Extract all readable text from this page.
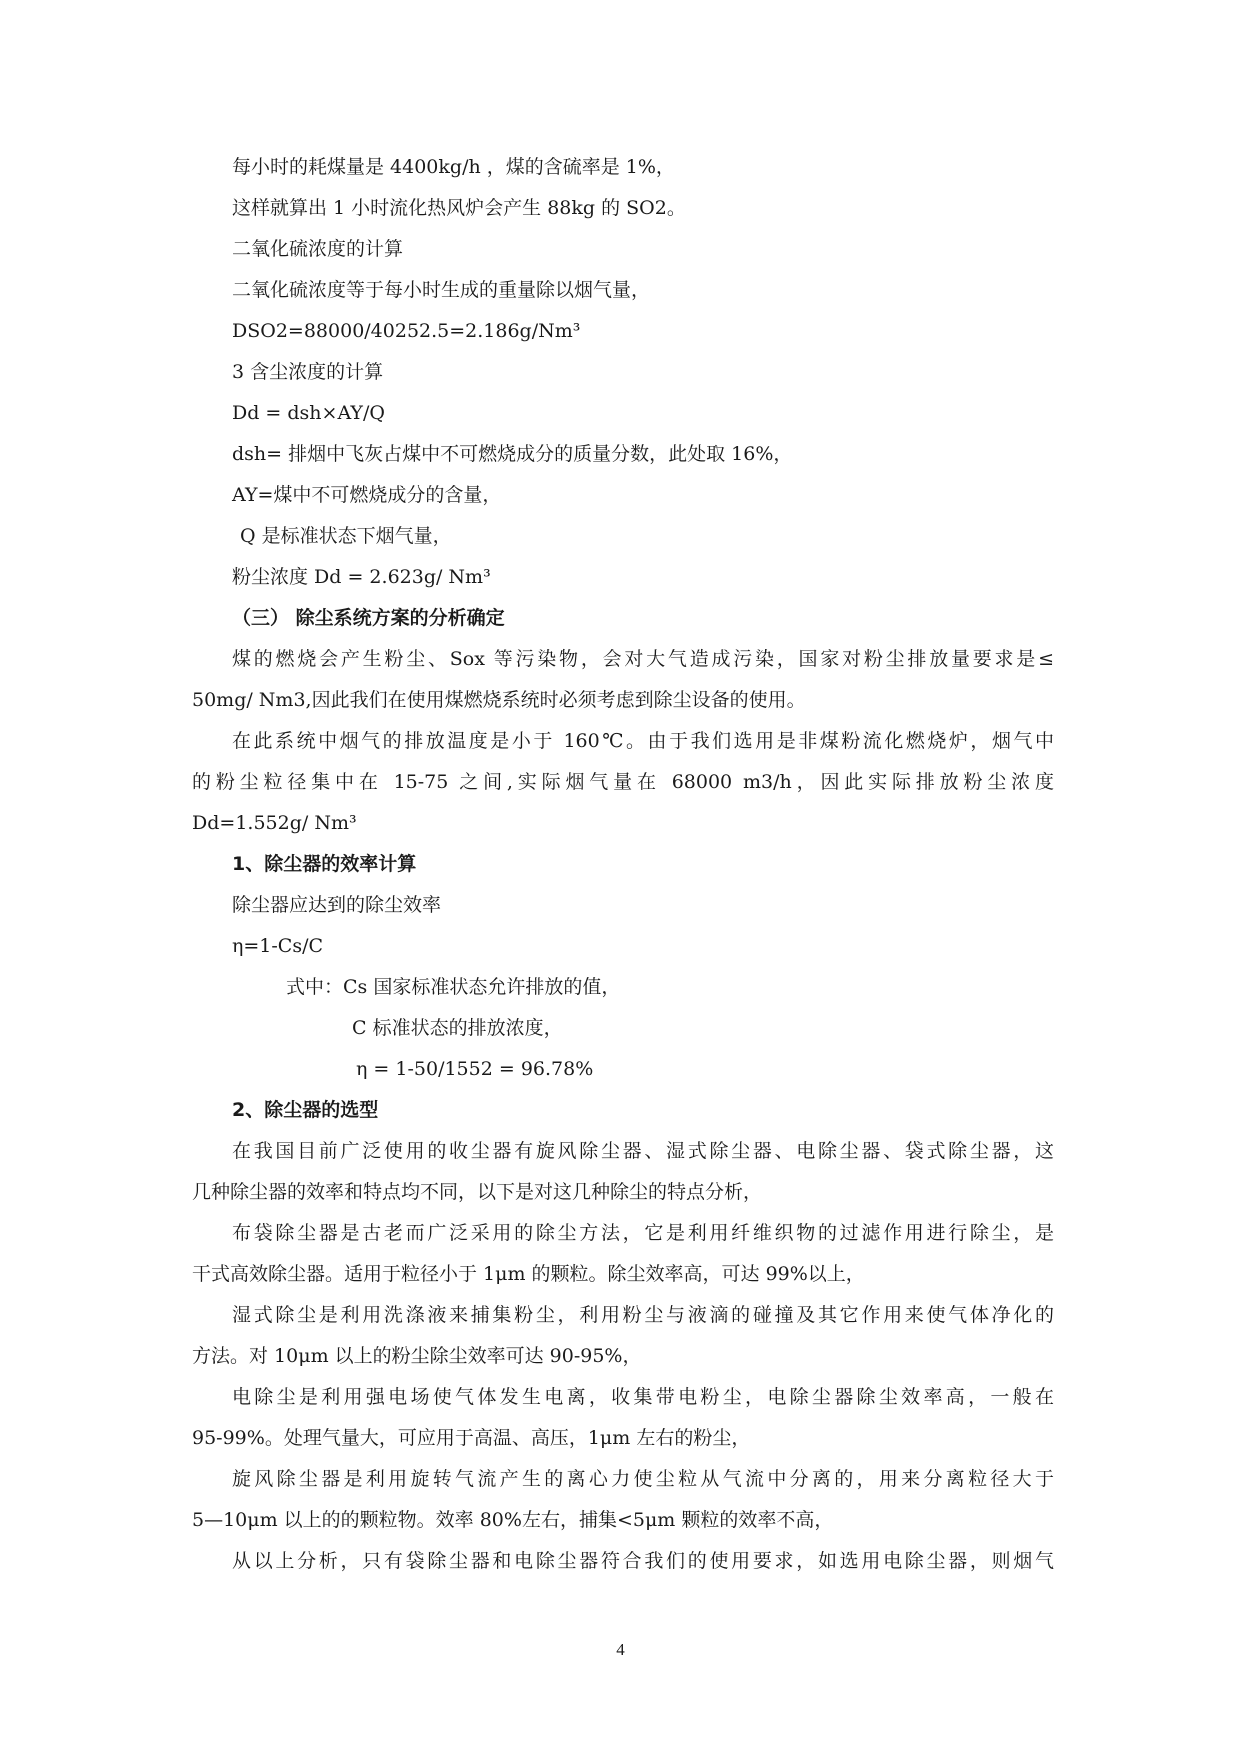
每小时的耗煤量是 4400kg/h ，煤的含硫率是 1%，
这样就算出 1 小时流化热风炉会产生 88kg 的 SO2。
二氧化硫浓度的计算
二氧化硫浓度等于每小时生成的重量除以烟气量，
DSO2=88000/40252.5=2.186g/Nm³
3 含尘浓度的计算
Dd = dsh×AY/Q
dsh= 排烟中飞灰占煤中不可燃烧成分的质量分数，此处取 16%，
AY=煤中不可燃烧成分的含量，
Q 是标准状态下烟气量，
粉尘浓度 Dd = 2.623g/ Nm³
（三） 除尘系统方案的分析确定
煤的燃烧会产生粉尘、Sox 等污染物，会对大气造成污染，国家对粉尘排放量要求是≤
50mg/ Nm3,因此我们在使用煤燃烧系统时必须考虑到除尘设备的使用。
在此系统中烟气的排放温度是小于 160℃。由于我们选用是非煤粉流化燃烧炉，烟气中
的粉尘粒径集中在 15-75 之间,实际烟气量在 68000 m3/h，因此实际排放粉尘浓度
Dd=1.552g/ Nm³
1、除尘器的效率计算
除尘器应达到的除尘效率
η=1-Cs/C
式中：Cs 国家标准状态允许排放的值，
C 标准状态的排放浓度，
η = 1-50/1552 = 96.78%
2、除尘器的选型
在我国目前广泛使用的收尘器有旋风除尘器、湿式除尘器、电除尘器、袋式除尘器，这
几种除尘器的效率和特点均不同，以下是对这几种除尘的特点分析，
布袋除尘器是古老而广泛采用的除尘方法，它是利用纤维织物的过滤作用进行除尘，是
干式高效除尘器。适用于粒径小于 1μm 的颗粒。除尘效率高，可达 99%以上，
湿式除尘是利用洗涤液来捕集粉尘，利用粉尘与液滴的碰撞及其它作用来使气体净化的
方法。对 10μm 以上的粉尘除尘效率可达 90-95%，
电除尘是利用强电场使气体发生电离，收集带电粉尘，电除尘器除尘效率高，一般在
95-99%。处理气量大，可应用于高温、高压，1μm 左右的粉尘，
旋风除尘器是利用旋转气流产生的离心力使尘粒从气流中分离的，用来分离粒径大于
5—10μm 以上的的颗粒物。效率 80%左右，捕集<5μm 颗粒的效率不高，
从以上分析，只有袋除尘器和电除尘器符合我们的使用要求，如选用电除尘器，则烟气
4
